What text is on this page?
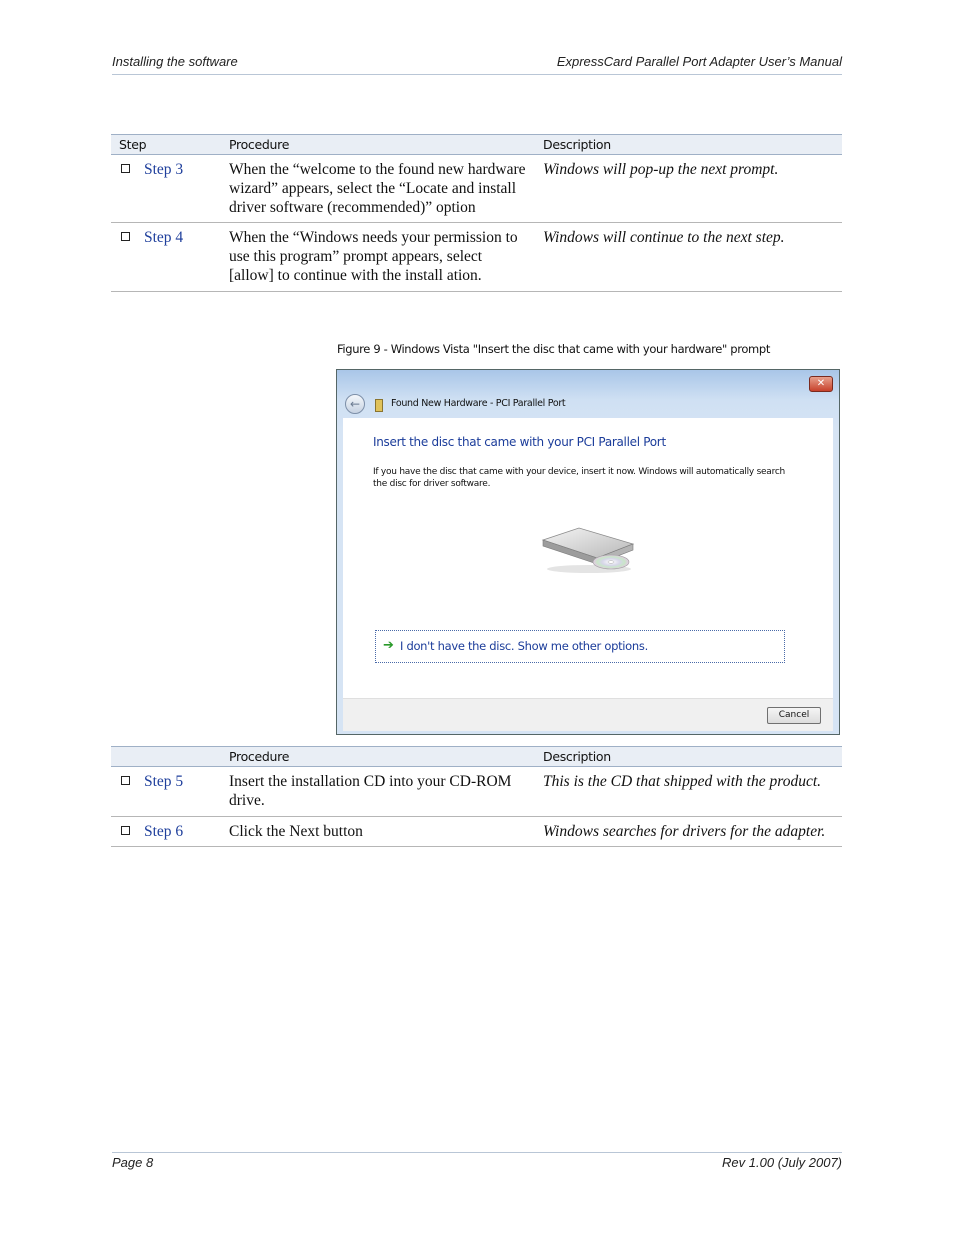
Installing the software	ExpressCard Parallel Port Adapter User’s Manual
Step	Procedure	Description
Step 3	When the “welcome to the found new hardware wizard” appears, select the “Locate and install driver software (recommended)” option	Windows will pop-up the next prompt.
Step 4	When the “Windows needs your permission to use this program” prompt appears, select [allow] to continue with the install ation.	Windows will continue to the next step.
Figure 9 - Windows Vista "Insert the disc that came with your hardware" prompt
✕
←	Found New Hardware - PCI Parallel Port
Insert the disc that came with your PCI Parallel Port
If you have the disc that came with your device, insert it now. Windows will automatically search the disc for driver software.
➔ I don't have the disc. Show me other options.
Cancel
	Procedure	Description
Step 5	Insert the installation CD into your CD-ROM drive.	This is the CD that shipped with the product.
Step 6	Click the Next button	Windows searches for drivers for the adapter.
Page 8	Rev 1.00 (July 2007)
